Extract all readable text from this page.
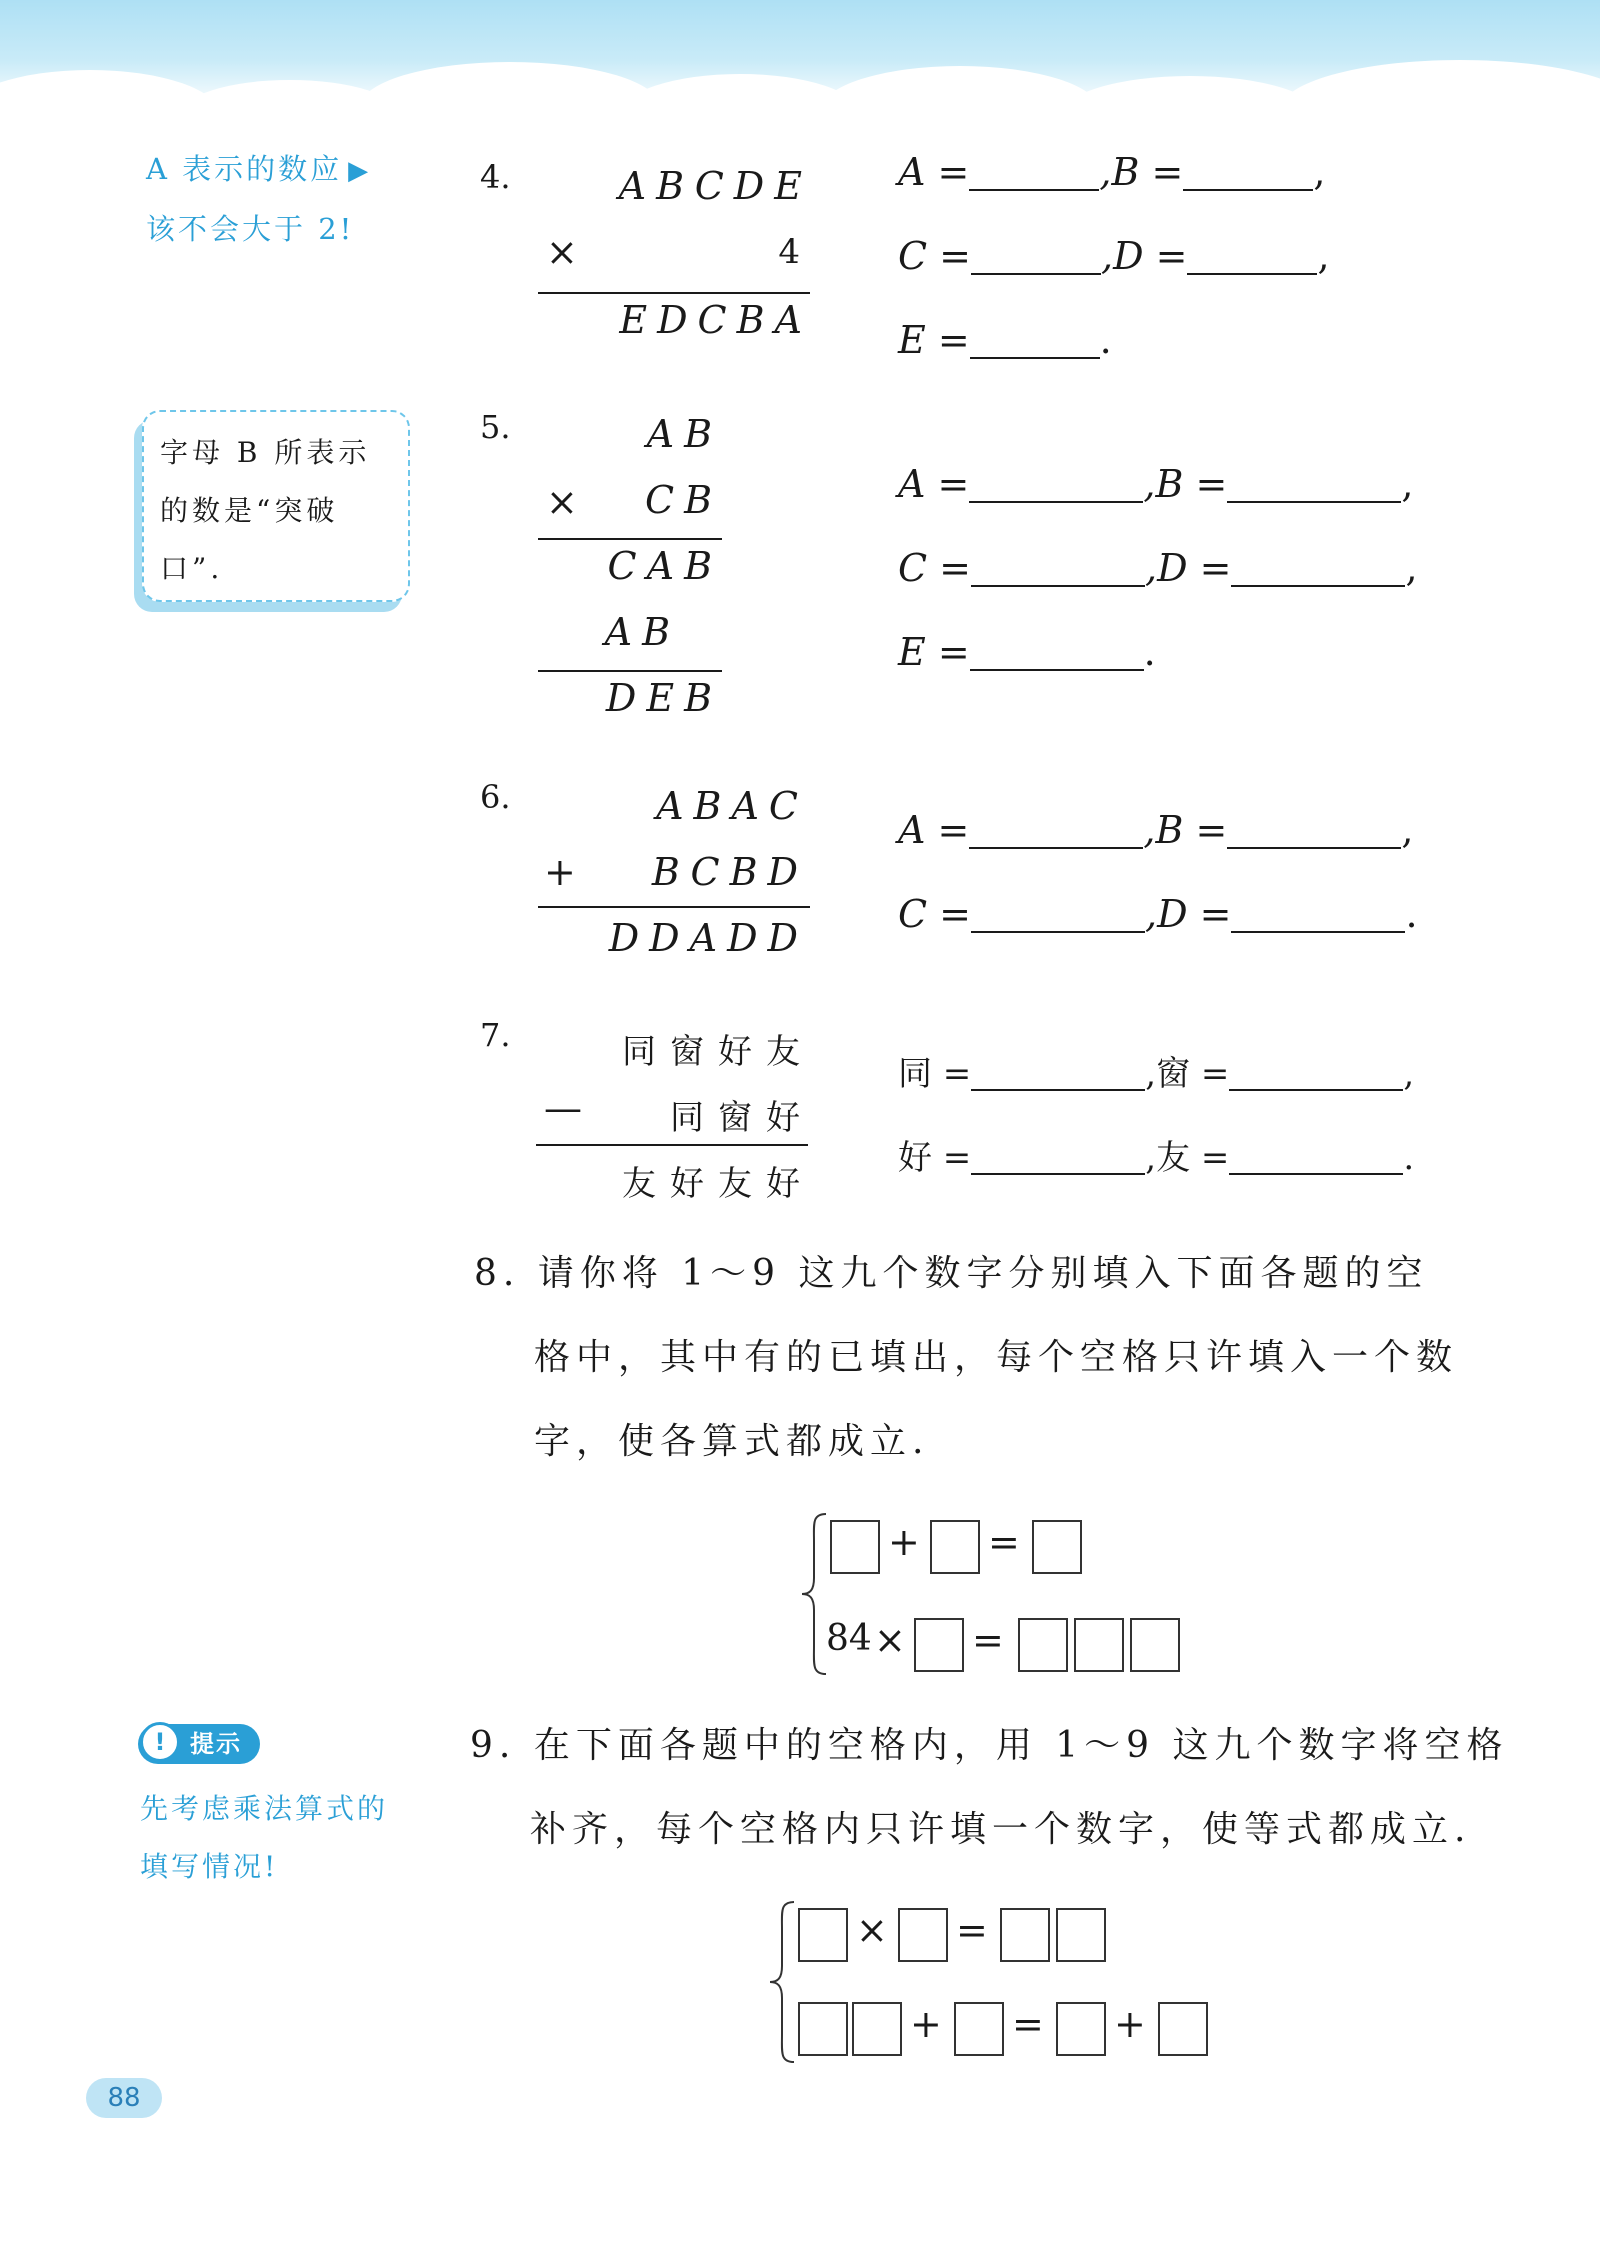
A 表示的数应 ▶
该不会大于 2!
字母 B 所表示
的数是“突破
口”.
!	提示
先考虑乘法算式的
填写情况!
4.	ABCDE
×	4
EDCBA
A =	,B =	,
C =	,D =	,
E =	.
5.	AB
×	CB
CAB
AB
DEB
A =	,B =	,
C =	,D =	,
E =	.
6.	ABAC
+	BCBD
DDADD
A =	,B =	,
C =	,D =	.
7.	同窗好友
—	同窗好
友好友好
同 =	,窗 =	,
好 =	,友 =	.
8. 请你将 1～9 这九个数字分别填入下面各题的空
格中，其中有的已填出，每个空格只许填入一个数
字，使各算式都成立.
+ =
84 × =
9. 在下面各题中的空格内，用 1～9 这九个数字将空格
补齐，每个空格内只许填一个数字，使等式都成立.
× =
+ = +
88
